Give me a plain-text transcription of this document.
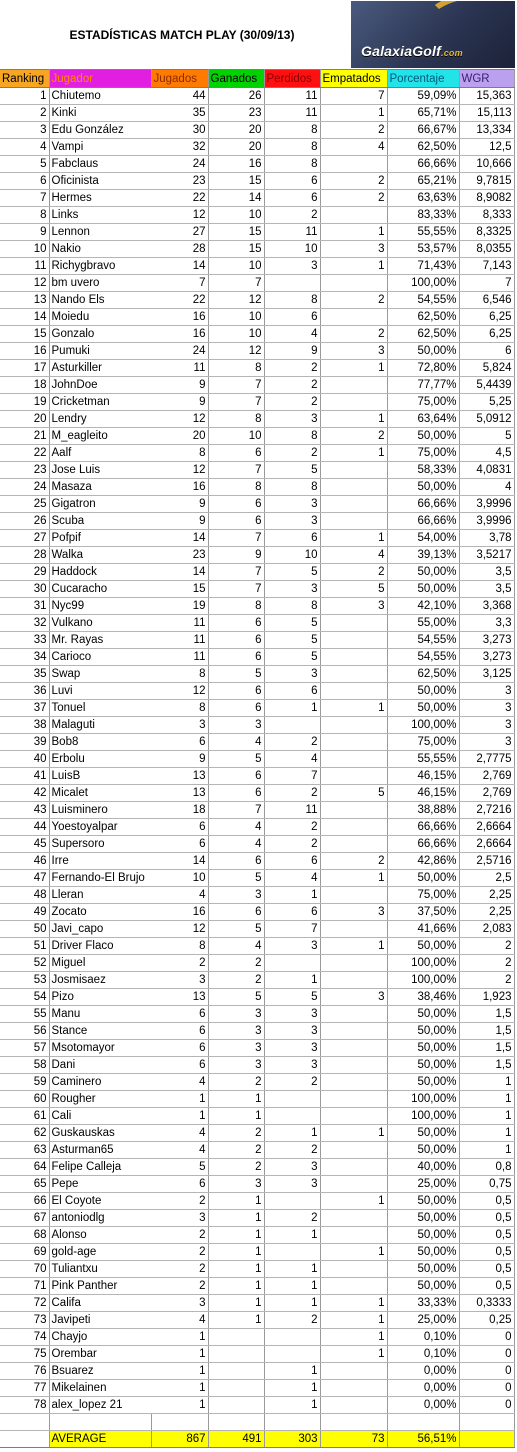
ESTADÍSTICAS MATCH PLAY (30/09/13)
GalaxiaGolf.com
Ranking	Jugador	Jugados	Ganados	Perdidos	Empatados	Porcentaje	WGR
1	Chiutemo	44	26	11	7	59,09%	15,363
2	Kinki	35	23	11	1	65,71%	15,113
3	Edu González	30	20	8	2	66,67%	13,334
4	Vampi	32	20	8	4	62,50%	12,5
5	Fabclaus	24	16	8		66,66%	10,666
6	Oficinista	23	15	6	2	65,21%	9,7815
7	Hermes	22	14	6	2	63,63%	8,9082
8	Links	12	10	2		83,33%	8,333
9	Lennon	27	15	11	1	55,55%	8,3325
10	Nakio	28	15	10	3	53,57%	8,0355
11	Richygbravo	14	10	3	1	71,43%	7,143
12	bm uvero	7	7			100,00%	7
13	Nando Els	22	12	8	2	54,55%	6,546
14	Moiedu	16	10	6		62,50%	6,25
15	Gonzalo	16	10	4	2	62,50%	6,25
16	Pumuki	24	12	9	3	50,00%	6
17	Asturkiller	11	8	2	1	72,80%	5,824
18	JohnDoe	9	7	2		77,77%	5,4439
19	Cricketman	9	7	2		75,00%	5,25
20	Lendry	12	8	3	1	63,64%	5,0912
21	M_eagleito	20	10	8	2	50,00%	5
22	Aalf	8	6	2	1	75,00%	4,5
23	Jose Luis	12	7	5		58,33%	4,0831
24	Masaza	16	8	8		50,00%	4
25	Gigatron	9	6	3		66,66%	3,9996
26	Scuba	9	6	3		66,66%	3,9996
27	Pofpif	14	7	6	1	54,00%	3,78
28	Walka	23	9	10	4	39,13%	3,5217
29	Haddock	14	7	5	2	50,00%	3,5
30	Cucaracho	15	7	3	5	50,00%	3,5
31	Nyc99	19	8	8	3	42,10%	3,368
32	Vulkano	11	6	5		55,00%	3,3
33	Mr. Rayas	11	6	5		54,55%	3,273
34	Carioco	11	6	5		54,55%	3,273
35	Swap	8	5	3		62,50%	3,125
36	Luvi	12	6	6		50,00%	3
37	Tonuel	8	6	1	1	50,00%	3
38	Malaguti	3	3			100,00%	3
39	Bob8	6	4	2		75,00%	3
40	Erbolu	9	5	4		55,55%	2,7775
41	LuisB	13	6	7		46,15%	2,769
42	Micalet	13	6	2	5	46,15%	2,769
43	Luisminero	18	7	11		38,88%	2,7216
44	Yoestoyalpar	6	4	2		66,66%	2,6664
45	Supersoro	6	4	2		66,66%	2,6664
46	Irre	14	6	6	2	42,86%	2,5716
47	Fernando-El Brujo	10	5	4	1	50,00%	2,5
48	Lleran	4	3	1		75,00%	2,25
49	Zocato	16	6	6	3	37,50%	2,25
50	Javi_capo	12	5	7		41,66%	2,083
51	Driver Flaco	8	4	3	1	50,00%	2
52	Miguel	2	2			100,00%	2
53	Josmisaez	3	2	1		100,00%	2
54	Pizo	13	5	5	3	38,46%	1,923
55	Manu	6	3	3		50,00%	1,5
56	Stance	6	3	3		50,00%	1,5
57	Msotomayor	6	3	3		50,00%	1,5
58	Dani	6	3	3		50,00%	1,5
59	Caminero	4	2	2		50,00%	1
60	Rougher	1	1			100,00%	1
61	Cali	1	1			100,00%	1
62	Guskauskas	4	2	1	1	50,00%	1
63	Asturman65	4	2	2		50,00%	1
64	Felipe Calleja	5	2	3		40,00%	0,8
65	Pepe	6	3	3		25,00%	0,75
66	El Coyote	2	1		1	50,00%	0,5
67	antoniodlg	3	1	2		50,00%	0,5
68	Alonso	2	1	1		50,00%	0,5
69	gold-age	2	1		1	50,00%	0,5
70	Tuliantxu	2	1	1		50,00%	0,5
71	Pink Panther	2	1	1		50,00%	0,5
72	Califa	3	1	1	1	33,33%	0,3333
73	Javipeti	4	1	2	1	25,00%	0,25
74	Chayjo	1			1	0,10%	0
75	Orembar	1			1	0,10%	0
76	Bsuarez	1		1		0,00%	0
77	Mikelainen	1		1		0,00%	0
78	alex_lopez 21	1		1		0,00%	0

	AVERAGE	867	491	303	73	56,51%	
